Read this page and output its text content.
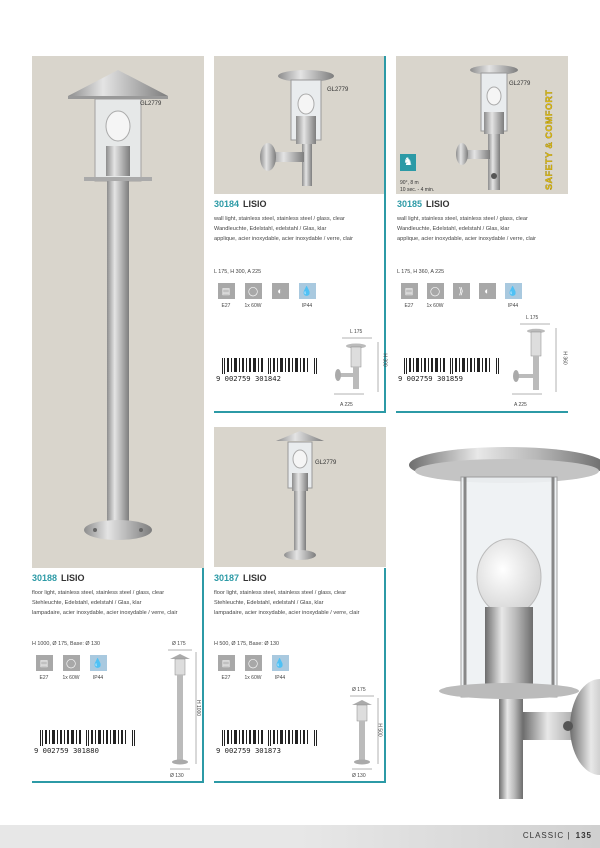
GL2779
GL2779
GL2779
♞
90°, 8 m
10 sec. - 4 min.	SAFETY & COMFORT
30184 LISIO
wall light, stainless steel, stainless steel / glass, clear
Wandleuchte, Edelstahl, edelstahl / Glas, klar
applique, acier inoxydable, acier inoxydable / verre, clair
L 175, H 300, A 225
▤
E27
◯
1x 60W
◐	💧
IP44
9 002759 301842
L 175
H 300
A 225
30185 LISIO
wall light, stainless steel, stainless steel / glass, clear
Wandleuchte, Edelstahl, edelstahl / Glas, klar
applique, acier inoxydable, acier inoxydable / verre, clair
L 175, H 360, A 225
▤
E27
◯
1x 60W
⟫	◐	💧
IP44
9 002759 301859
L 175
H 360
A 225
GL2779
30188 LISIO
floor light, stainless steel, stainless steel / glass, clear
Stehleuchte, Edelstahl, edelstahl / Glas, klar
lampadaire, acier inoxydable, acier inoxydable / verre, clair
H 1000, Ø 175, Base: Ø 130
▤
E27
◯
1x 60W
💧
IP44
9 002759 301880
Ø 175
H 1000
Ø 130
30187 LISIO
floor light, stainless steel, stainless steel / glass, clear
Stehleuchte, Edelstahl, edelstahl / Glas, klar
lampadaire, acier inoxydable, acier inoxydable / verre, clair
H 500, Ø 175, Base: Ø 130
▤
E27
◯
1x 60W
💧
IP44
9 002759 301873
Ø 175
H 500
Ø 130
CLASSIC | 135
